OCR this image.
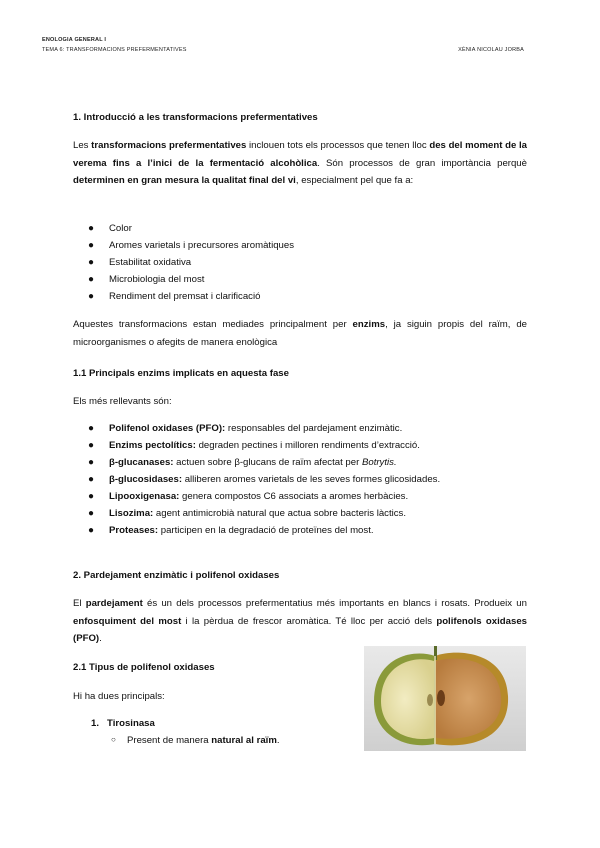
ENOLOGIA GENERAL I
TEMA 6: TRANSFORMACIONS PREFERMENTATIVES	XÈNIA NICOLAU JORBA
1. Introducció a les transformacions prefermentatives
Les transformacions prefermentatives inclouen tots els processos que tenen lloc des del moment de la verema fins a l’inici de la fermentació alcohòlica. Són processos de gran importància perquè determinen en gran mesura la qualitat final del vi, especialment pel que fa a:
● Color
● Aromes varietals i precursores aromàtiques
● Estabilitat oxidativa
● Microbiologia del most
● Rendiment del premsat i clarificació
Aquestes transformacions estan mediades principalment per enzims, ja siguin propis del raïm, de microorganismes o afegits de manera enològica
1.1 Principals enzims implicats en aquesta fase
Els més rellevants són:
● Polifenol oxidases (PFO): responsables del pardejament enzimàtic.
● Enzims pectolítics: degraden pectines i milloren rendiments d’extracció.
● β-glucanases: actuen sobre β-glucans de raïm afectat per Botrytis.
● β-glucosidases: alliberen aromes varietals de les seves formes glicosidades.
● Lipooxigenasa: genera compostos C6 associats a aromes herbàcies.
● Lisozima: agent antimicrobià natural que actua sobre bacteris làctics.
● Proteases: participen en la degradació de proteïnes del most.
2. Pardejament enzimàtic i polifenol oxidases
El pardejament és un dels processos prefermentatius més importants en blancs i rosats. Produeix un enfosquiment del most i la pèrdua de frescor aromàtica. Té lloc per acció dels polifenols oxidases (PFO).
2.1 Tipus de polifenol oxidases
Hi ha dues principals:
1. Tirosinasa
○ Present de manera natural al raïm.
